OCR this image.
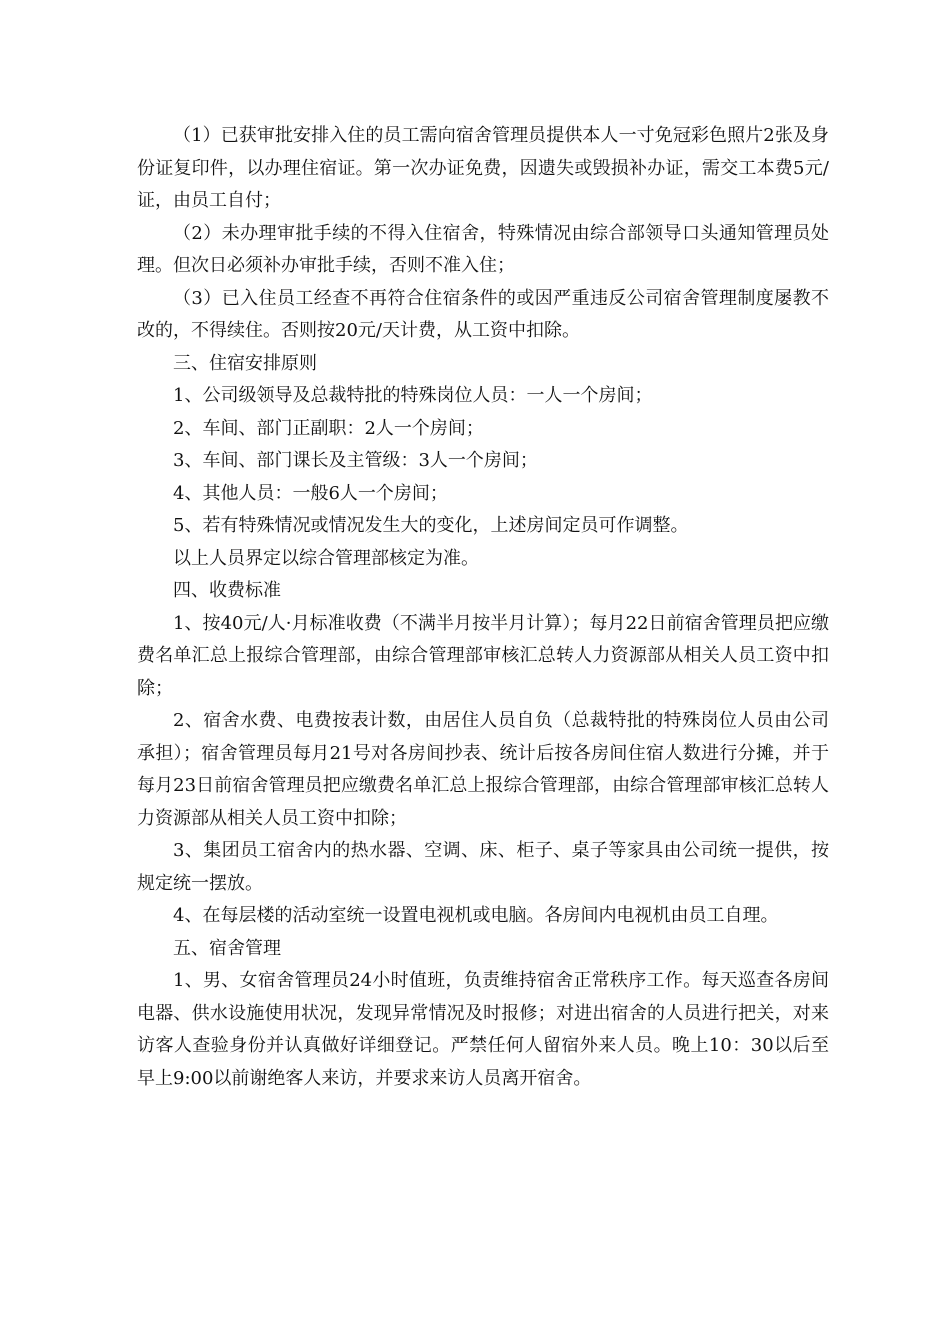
（1）已获审批安排入住的员工需向宿舍管理员提供本人一寸免冠彩色照片2张及身份证复印件，以办理住宿证。第一次办证免费，因遗失或毁损补办证，需交工本费5元/证，由员工自付；

（2）未办理审批手续的不得入住宿舍，特殊情况由综合部领导口头通知管理员处理。但次日必须补办审批手续，否则不准入住；

（3）已入住员工经查不再符合住宿条件的或因严重违反公司宿舍管理制度屡教不改的，不得续住。否则按20元/天计费，从工资中扣除。

三、住宿安排原则

1、公司级领导及总裁特批的特殊岗位人员：一人一个房间；

2、车间、部门正副职：2人一个房间；

3、车间、部门课长及主管级：3人一个房间；

4、其他人员：一般6人一个房间；

5、若有特殊情况或情况发生大的变化，上述房间定员可作调整。

以上人员界定以综合管理部核定为准。

四、收费标准

1、按40元/人·月标准收费（不满半月按半月计算）；每月22日前宿舍管理员把应缴费名单汇总上报综合管理部，由综合管理部审核汇总转人力资源部从相关人员工资中扣除；

2、宿舍水费、电费按表计数，由居住人员自负（总裁特批的特殊岗位人员由公司承担）；宿舍管理员每月21号对各房间抄表、统计后按各房间住宿人数进行分摊，并于每月23日前宿舍管理员把应缴费名单汇总上报综合管理部，由综合管理部审核汇总转人力资源部从相关人员工资中扣除；

3、集团员工宿舍内的热水器、空调、床、柜子、桌子等家具由公司统一提供，按规定统一摆放。

4、在每层楼的活动室统一设置电视机或电脑。各房间内电视机由员工自理。

五、宿舍管理

1、男、女宿舍管理员24小时值班，负责维持宿舍正常秩序工作。每天巡查各房间电器、供水设施使用状况，发现异常情况及时报修；对进出宿舍的人员进行把关，对来访客人查验身份并认真做好详细登记。严禁任何人留宿外来人员。晚上10：30以后至早上9:00以前谢绝客人来访，并要求来访人员离开宿舍。
